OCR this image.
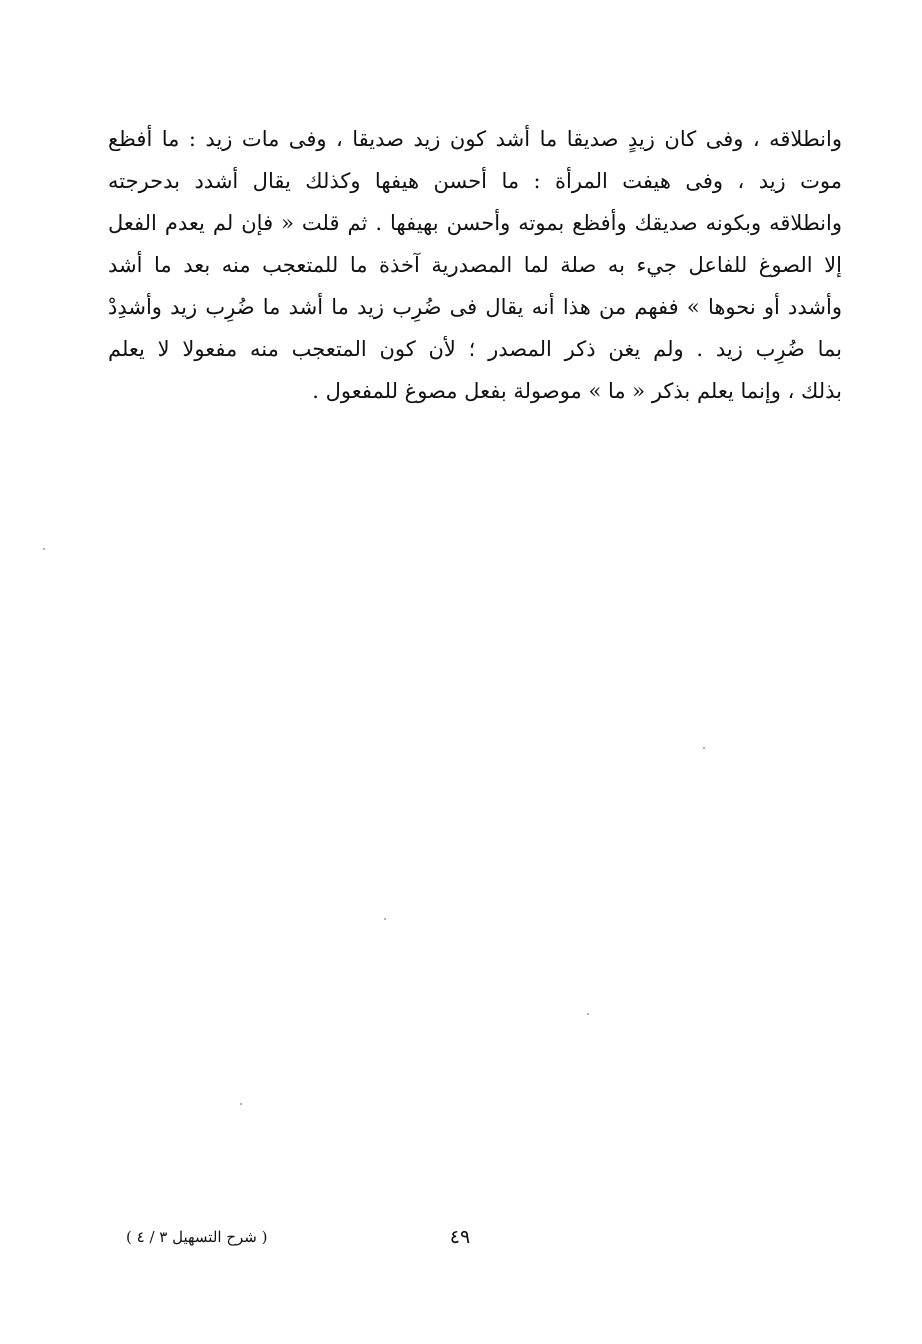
وانطلاقه ، وفى كان زيدٍ صديقا ما أشد كون زيد صديقا ، وفى مات زيد : ما أفظع
موت زيد ، وفى هيفت المرأة : ما أحسن هيفها وكذلك يقال أشدد بدحرجته
وانطلاقه وبكونه صديقك وأفظع بموته وأحسن بهيفها . ثم قلت « فإن لم يعدم الفعل
إلا الصوغ للفاعل جيء به صلة لما المصدرية آخذة ما للمتعجب منه بعد ما أشد
وأشدد أو نحوها » ففهم من هذا أنه يقال فى ضُرِب زيد ما أشد ما ضُرِب زيد وأشدِدْ
بما ضُرِب زيد . ولم يغن ذكر المصدر ؛ لأن كون المتعجب منه مفعولا لا يعلم
بذلك ، وإنما يعلم بذكر « ما » موصولة بفعل مصوغ للمفعول .
٤٩
( شرح التسهيل ٣ / ٤ )
